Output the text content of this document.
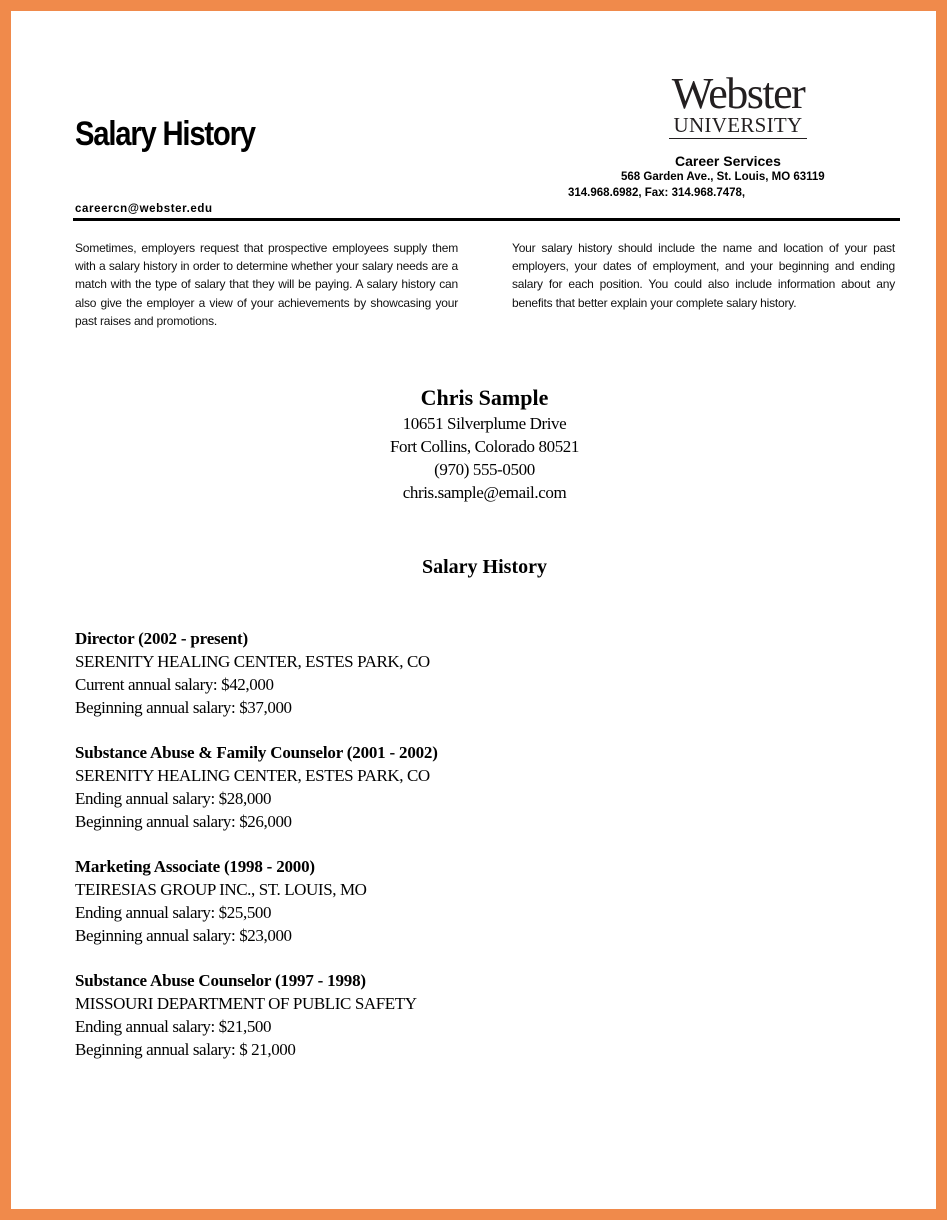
Salary History
Webster
UNIVERSITY
Career Services
568 Garden Ave., St. Louis, MO 63119
314.968.6982, Fax: 314.968.7478,
careercn@webster.edu
Sometimes, employers request that prospective employees supply them with a salary history in order to determine whether your salary needs are a match with the type of salary that they will be paying. A salary history can also give the employer a view of your achievements by showcasing your past raises and promotions.
Your salary history should include the name and location of your past employers, your dates of employment, and your beginning and ending salary for each position. You could also include information about any benefits that better explain your complete salary history.
Chris Sample
10651 Silverplume Drive
Fort Collins, Colorado 80521
(970) 555-0500
chris.sample@email.com
Salary History
Director (2002 - present)
SERENITY HEALING CENTER, ESTES PARK, CO
Current annual salary: $42,000
Beginning annual salary: $37,000
Substance Abuse & Family Counselor (2001 - 2002)
SERENITY HEALING CENTER, ESTES PARK, CO
Ending annual salary: $28,000
Beginning annual salary: $26,000
Marketing Associate (1998 - 2000)
TEIRESIAS GROUP INC., ST. LOUIS, MO
Ending annual salary: $25,500
Beginning annual salary: $23,000
Substance Abuse Counselor (1997 - 1998)
MISSOURI DEPARTMENT OF PUBLIC SAFETY
Ending annual salary: $21,500
Beginning annual salary: $ 21,000
